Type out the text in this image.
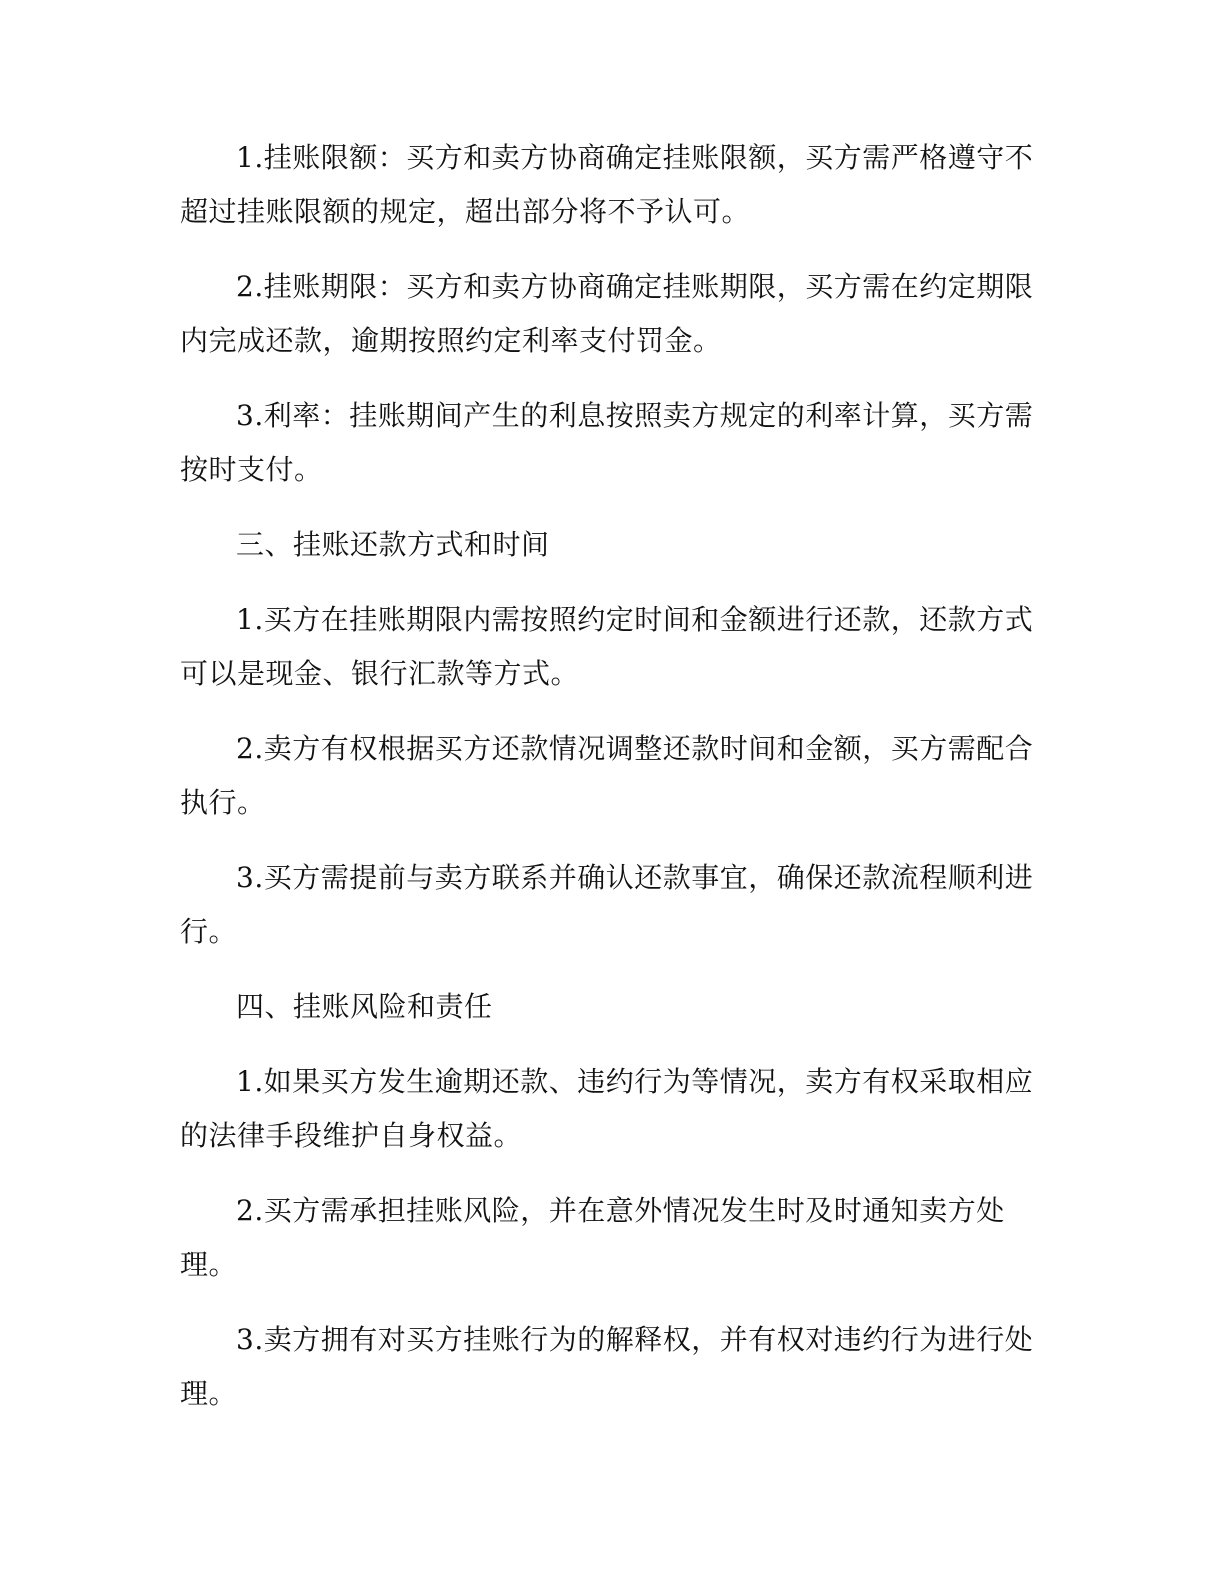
1.挂账限额：买方和卖方协商确定挂账限额，买方需严格遵守不超过挂账限额的规定，超出部分将不予认可。

2.挂账期限：买方和卖方协商确定挂账期限，买方需在约定期限内完成还款，逾期按照约定利率支付罚金。

3.利率：挂账期间产生的利息按照卖方规定的利率计算，买方需按时支付。

三、挂账还款方式和时间

1.买方在挂账期限内需按照约定时间和金额进行还款，还款方式可以是现金、银行汇款等方式。

2.卖方有权根据买方还款情况调整还款时间和金额，买方需配合执行。

3.买方需提前与卖方联系并确认还款事宜，确保还款流程顺利进行。

四、挂账风险和责任

1.如果买方发生逾期还款、违约行为等情况，卖方有权采取相应的法律手段维护自身权益。

2.买方需承担挂账风险，并在意外情况发生时及时通知卖方处理。

3.卖方拥有对买方挂账行为的解释权，并有权对违约行为进行处理。
